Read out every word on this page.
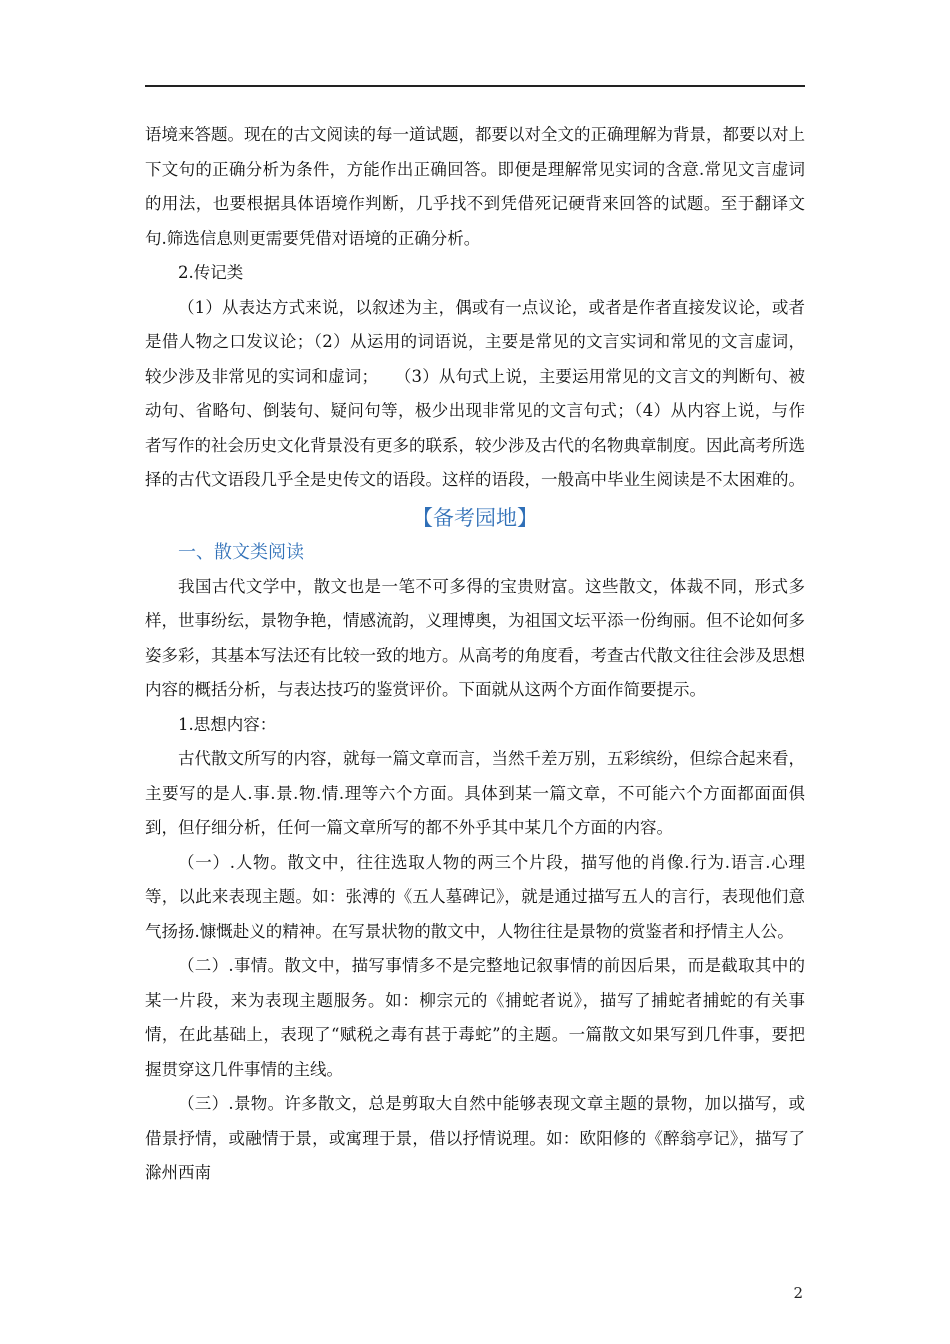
语境来答题。现在的古文阅读的每一道试题，都要以对全文的正确理解为背景，都要以对上下文句的正确分析为条件，方能作出正确回答。即便是理解常见实词的含意.常见文言虚词的用法，也要根据具体语境作判断，几乎找不到凭借死记硬背来回答的试题。至于翻译文句.筛选信息则更需要凭借对语境的正确分析。

2.传记类

（1）从表达方式来说，以叙述为主，偶或有一点议论，或者是作者直接发议论，或者是借人物之口发议论；（2）从运用的词语说，主要是常见的文言实词和常见的文言虚词，较少涉及非常见的实词和虚词；　　（3）从句式上说，主要运用常见的文言文的判断句、被动句、省略句、倒装句、疑问句等，极少出现非常见的文言句式；（4）从内容上说，与作者写作的社会历史文化背景没有更多的联系，较少涉及古代的名物典章制度。因此高考所选择的古代文语段几乎全是史传文的语段。这样的语段，一般高中毕业生阅读是不太困难的。

【备考园地】

一、散文类阅读

我国古代文学中，散文也是一笔不可多得的宝贵财富。这些散文，体裁不同，形式多样，世事纷纭，景物争艳，情感流韵，义理博奥，为祖国文坛平添一份绚丽。但不论如何多姿多彩，其基本写法还有比较一致的地方。从高考的角度看，考查古代散文往往会涉及思想内容的概括分析，与表达技巧的鉴赏评价。下面就从这两个方面作简要提示。

1.思想内容：

古代散文所写的内容，就每一篇文章而言，当然千差万别，五彩缤纷，但综合起来看，主要写的是人.事.景.物.情.理等六个方面。具体到某一篇文章，不可能六个方面都面面俱到，但仔细分析，任何一篇文章所写的都不外乎其中某几个方面的内容。

（一）.人物。散文中，往往选取人物的两三个片段，描写他的肖像.行为.语言.心理等，以此来表现主题。如：张溥的《五人墓碑记》，就是通过描写五人的言行，表现他们意气扬扬.慷慨赴义的精神。在写景状物的散文中，人物往往是景物的赏鉴者和抒情主人公。

（二）.事情。散文中，描写事情多不是完整地记叙事情的前因后果，而是截取其中的某一片段，来为表现主题服务。如：柳宗元的《捕蛇者说》，描写了捕蛇者捕蛇的有关事情，在此基础上，表现了“赋税之毒有甚于毒蛇”的主题。一篇散文如果写到几件事，要把握贯穿这几件事情的主线。

（三）.景物。许多散文，总是剪取大自然中能够表现文章主题的景物，加以描写，或借景抒情，或融情于景，或寓理于景，借以抒情说理。如：欧阳修的《醉翁亭记》，描写了滁州西南

2
